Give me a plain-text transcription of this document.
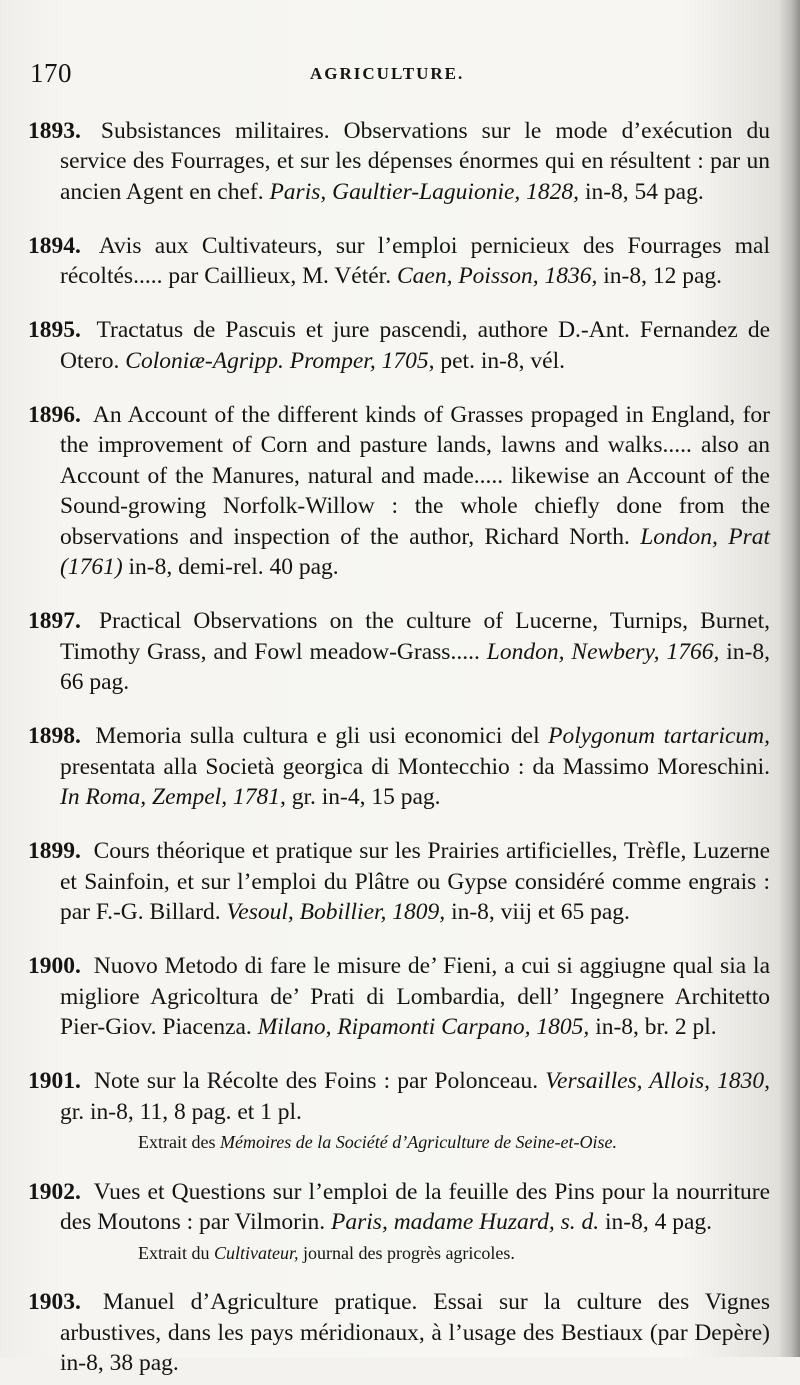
170	AGRICULTURE.

1893. Subsistances militaires. Observations sur le mode d’exécution du service des Fourrages, et sur les dépenses énormes qui en résultent : par un ancien Agent en chef. Paris, Gaultier-Laguionie, 1828, in-8, 54 pag.

1894. Avis aux Cultivateurs, sur l’emploi pernicieux des Fourrages mal récoltés..... par Caillieux, M. Vétér. Caen, Poisson, 1836, in-8, 12 pag.

1895. Tractatus de Pascuis et jure pascendi, authore D.-Ant. Fernandez de Otero. Coloniæ-Agripp. Promper, 1705, pet. in-8, vél.

1896. An Account of the different kinds of Grasses propaged in England, for the improvement of Corn and pasture lands, lawns and walks..... also an Account of the Manures, natural and made..... likewise an Account of the Sound-growing Norfolk-Willow : the whole chiefly done from the observations and inspection of the author, Richard North. London, Prat (1761) in-8, demi-rel. 40 pag.

1897. Practical Observations on the culture of Lucerne, Turnips, Burnet, Timothy Grass, and Fowl meadow-Grass..... London, Newbery, 1766, in-8, 66 pag.

1898. Memoria sulla cultura e gli usi economici del Polygonum tartaricum, presentata alla Società georgica di Montecchio : da Massimo Moreschini. In Roma, Zempel, 1781, gr. in-4, 15 pag.

1899. Cours théorique et pratique sur les Prairies artificielles, Trèfle, Luzerne et Sainfoin, et sur l’emploi du Plâtre ou Gypse considéré comme engrais : par F.-G. Billard. Vesoul, Bobillier, 1809, in-8, viij et 65 pag.

1900. Nuovo Metodo di fare le misure de’ Fieni, a cui si aggiugne qual sia la migliore Agricoltura de’ Prati di Lombardia, dell’ Ingegnere Architetto Pier-Giov. Piacenza. Milano, Ripamonti Carpano, 1805, in-8, br. 2 pl.

1901. Note sur la Récolte des Foins : par Polonceau. Versailles, Allois, 1830, gr. in-8, 11, 8 pag. et 1 pl.

Extrait des Mémoires de la Société d’Agriculture de Seine-et-Oise.

1902. Vues et Questions sur l’emploi de la feuille des Pins pour la nourriture des Moutons : par Vilmorin. Paris, madame Huzard, s. d. in-8, 4 pag.

Extrait du Cultivateur, journal des progrès agricoles.

1903. Manuel d’Agriculture pratique. Essai sur la culture des Vignes arbustives, dans les pays méridionaux, à l’usage des Bestiaux (par Depère) in-8, 38 pag.
